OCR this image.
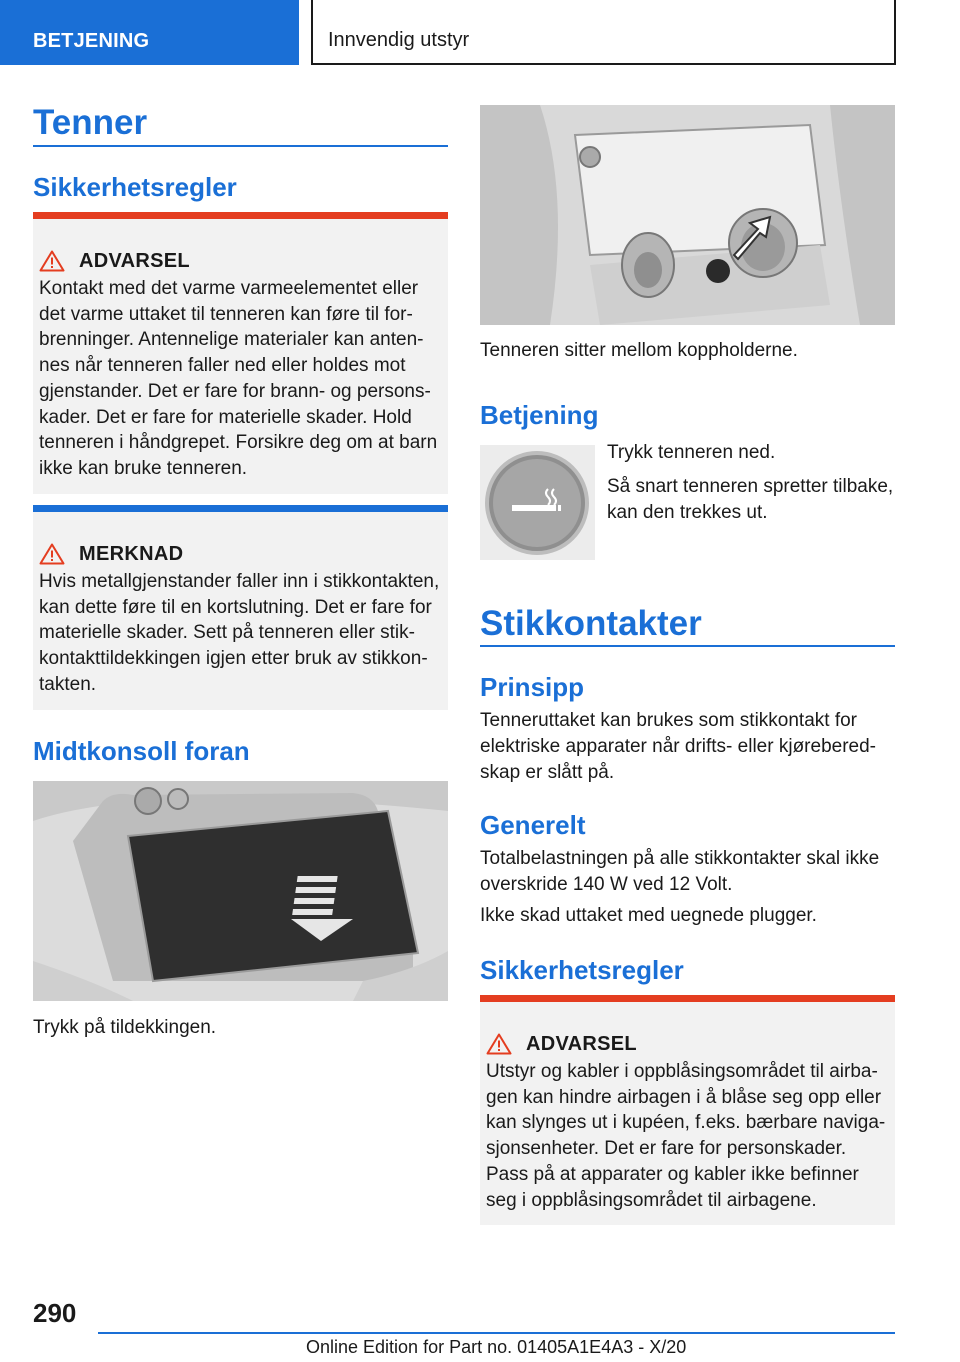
BETJENING	Innvendig utstyr
Tenner
Sikkerhetsregler
ADVARSEL
Kontakt med det varme varmeelementet eller det varme uttaket til tenneren kan føre til forbrenninger. Antennelige materialer kan antennes når tenneren faller ned eller holdes mot gjenstander. Det er fare for brann- og personskader. Det er fare for materielle skader. Hold tenneren i håndgrepet. Forsikre deg om at barn ikke kan bruke tenneren.
MERKNAD
Hvis metallgjenstander faller inn i stikkontakten, kan dette føre til en kortslutning. Det er fare for materielle skader. Sett på tenneren eller stikkontakttildekkingen igjen etter bruk av stikkontakten.
Midtkonsoll foran
Trykk på tildekkingen.
Tenneren sitter mellom koppholderne.
Betjening
Trykk tenneren ned.
Så snart tenneren spretter tilbake, kan den trekkes ut.
Stikkontakter
Prinsipp
Tenneruttaket kan brukes som stikkontakt for elektriske apparater når drifts- eller kjøreberedskap er slått på.
Generelt
Totalbelastningen på alle stikkontakter skal ikke overskride 140 W ved 12 Volt.
Ikke skad uttaket med uegnede plugger.
Sikkerhetsregler
ADVARSEL
Utstyr og kabler i oppblåsingsområdet til airbagen kan hindre airbagen i å blåse seg opp eller kan slynges ut i kupéen, f.eks. bærbare navigasjonsenheter. Det er fare for personskader. Pass på at apparater og kabler ikke befinner seg i oppblåsingsområdet til airbagene.
290
Online Edition for Part no. 01405A1E4A3 - X/20
